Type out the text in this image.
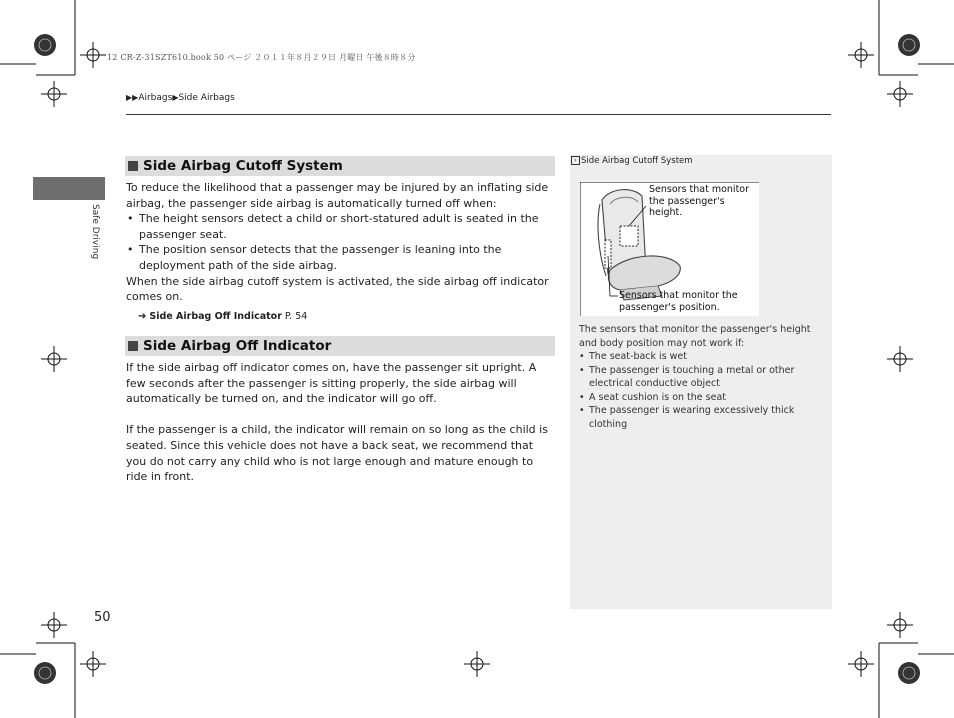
12 CR-Z-31SZT610.book 50 ページ ２０１１年８月２９日 月曜日 午後８時８分
▶▶Airbags▶Side Airbags
Safe Driving
Side Airbag Cutoff System

To reduce the likelihood that a passenger may be injured by an inflating side airbag, the passenger side airbag is automatically turned off when:

• The height sensors detect a child or short-statured adult is seated in the passenger seat.
• The position sensor detects that the passenger is leaning into the deployment path of the side airbag.

When the side airbag cutoff system is activated, the side airbag off indicator comes on.

➔ Side Airbag Off Indicator P. 54
Side Airbag Off Indicator

If the side airbag off indicator comes on, have the passenger sit upright. A few seconds after the passenger is sitting properly, the side airbag will automatically be turned on, and the indicator will go off.

If the passenger is a child, the indicator will remain on so long as the child is seated. Since this vehicle does not have a back seat, we recommend that you do not carry any child who is not large enough and mature enough to ride in front.

› Side Airbag Cutoff System
Sensors that monitor the passenger's height.
Sensors that monitor the passenger's position.

The sensors that monitor the passenger's height and body position may not work if:

• The seat-back is wet
• The passenger is touching a metal or other electrical conductive object
• A seat cushion is on the seat
• The passenger is wearing excessively thick clothing
50
